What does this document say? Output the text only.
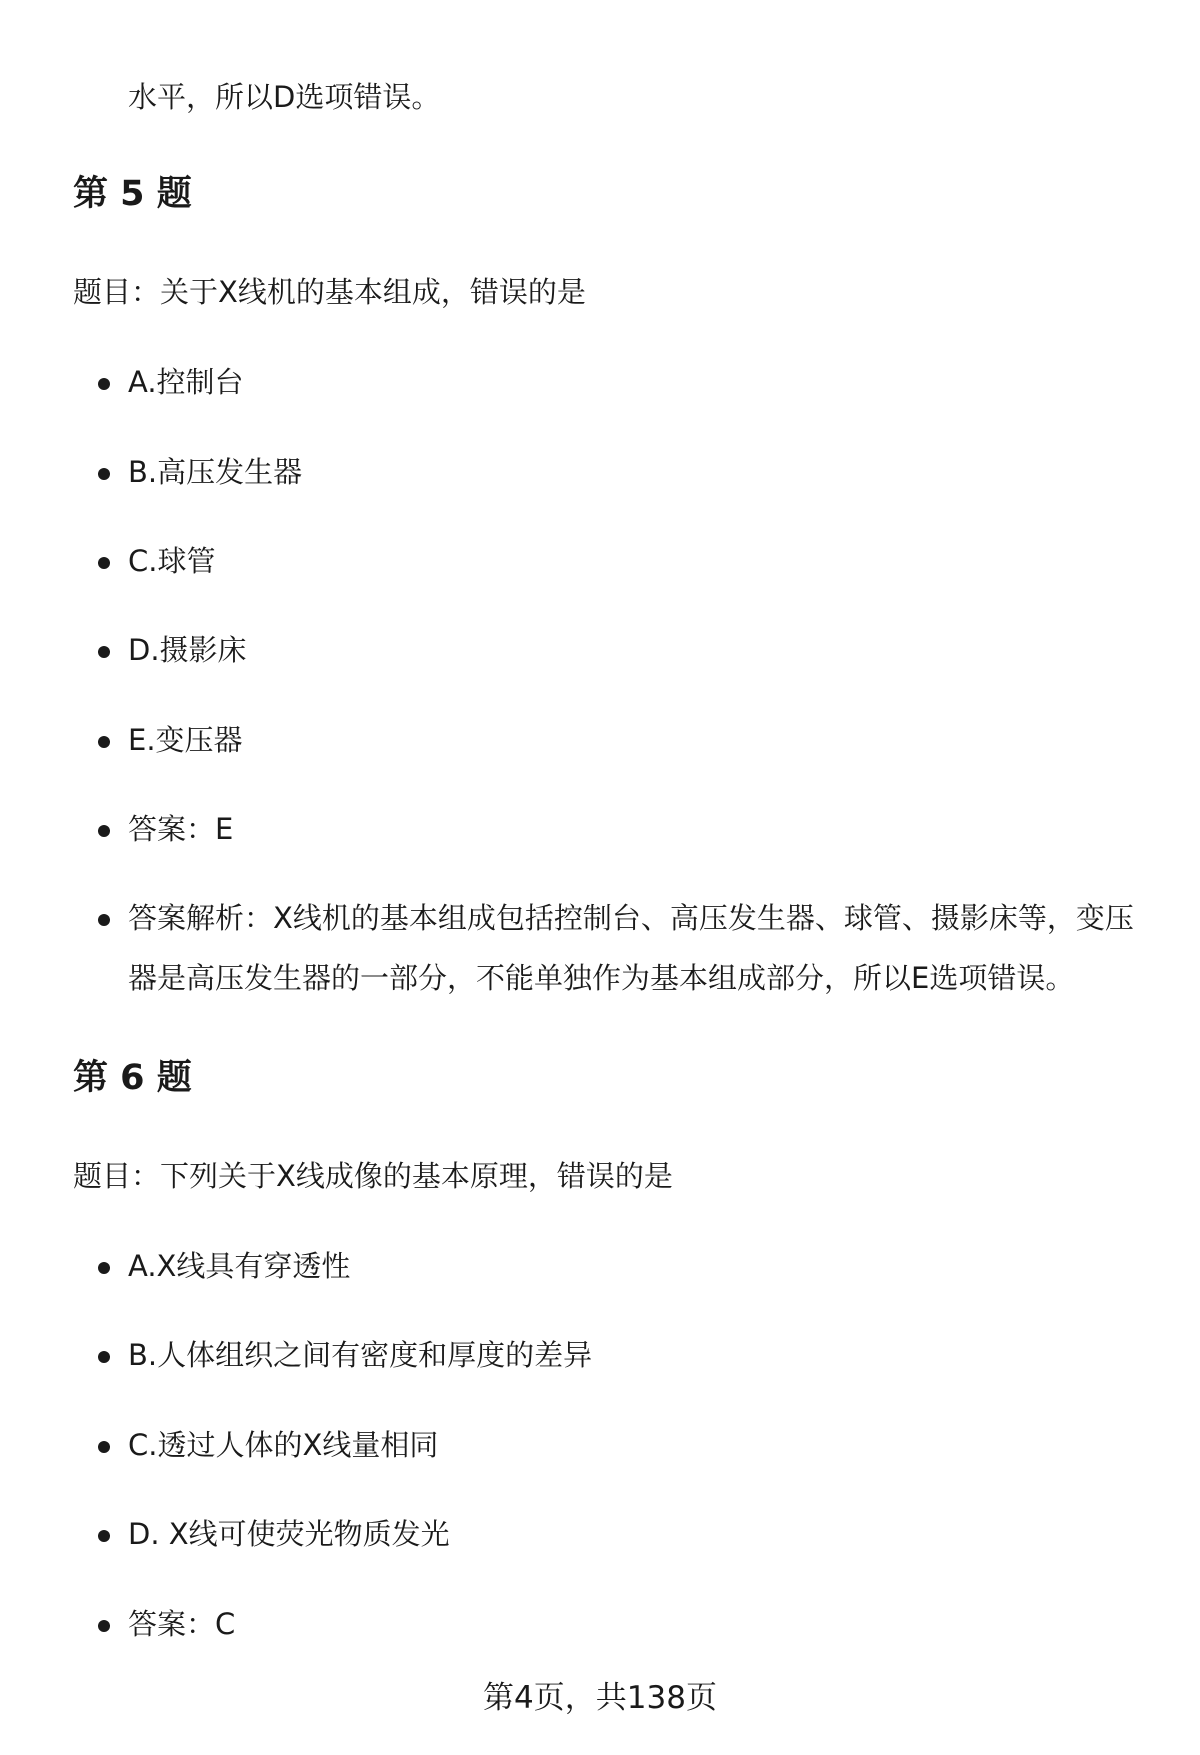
水平，所以D选项错误。
第 5 题
题目：关于X线机的基本组成，错误的是
A.控制台
B.高压发生器
C.球管
D.摄影床
E.变压器
答案：E
答案解析：X线机的基本组成包括控制台、高压发生器、球管、摄影床等，变压器是高压发生器的一部分，不能单独作为基本组成部分，所以E选项错误。
第 6 题
题目：下列关于X线成像的基本原理，错误的是
A.X线具有穿透性
B.人体组织之间有密度和厚度的差异
C.透过人体的X线量相同
D. X线可使荧光物质发光
答案：C
第4页，共138页
